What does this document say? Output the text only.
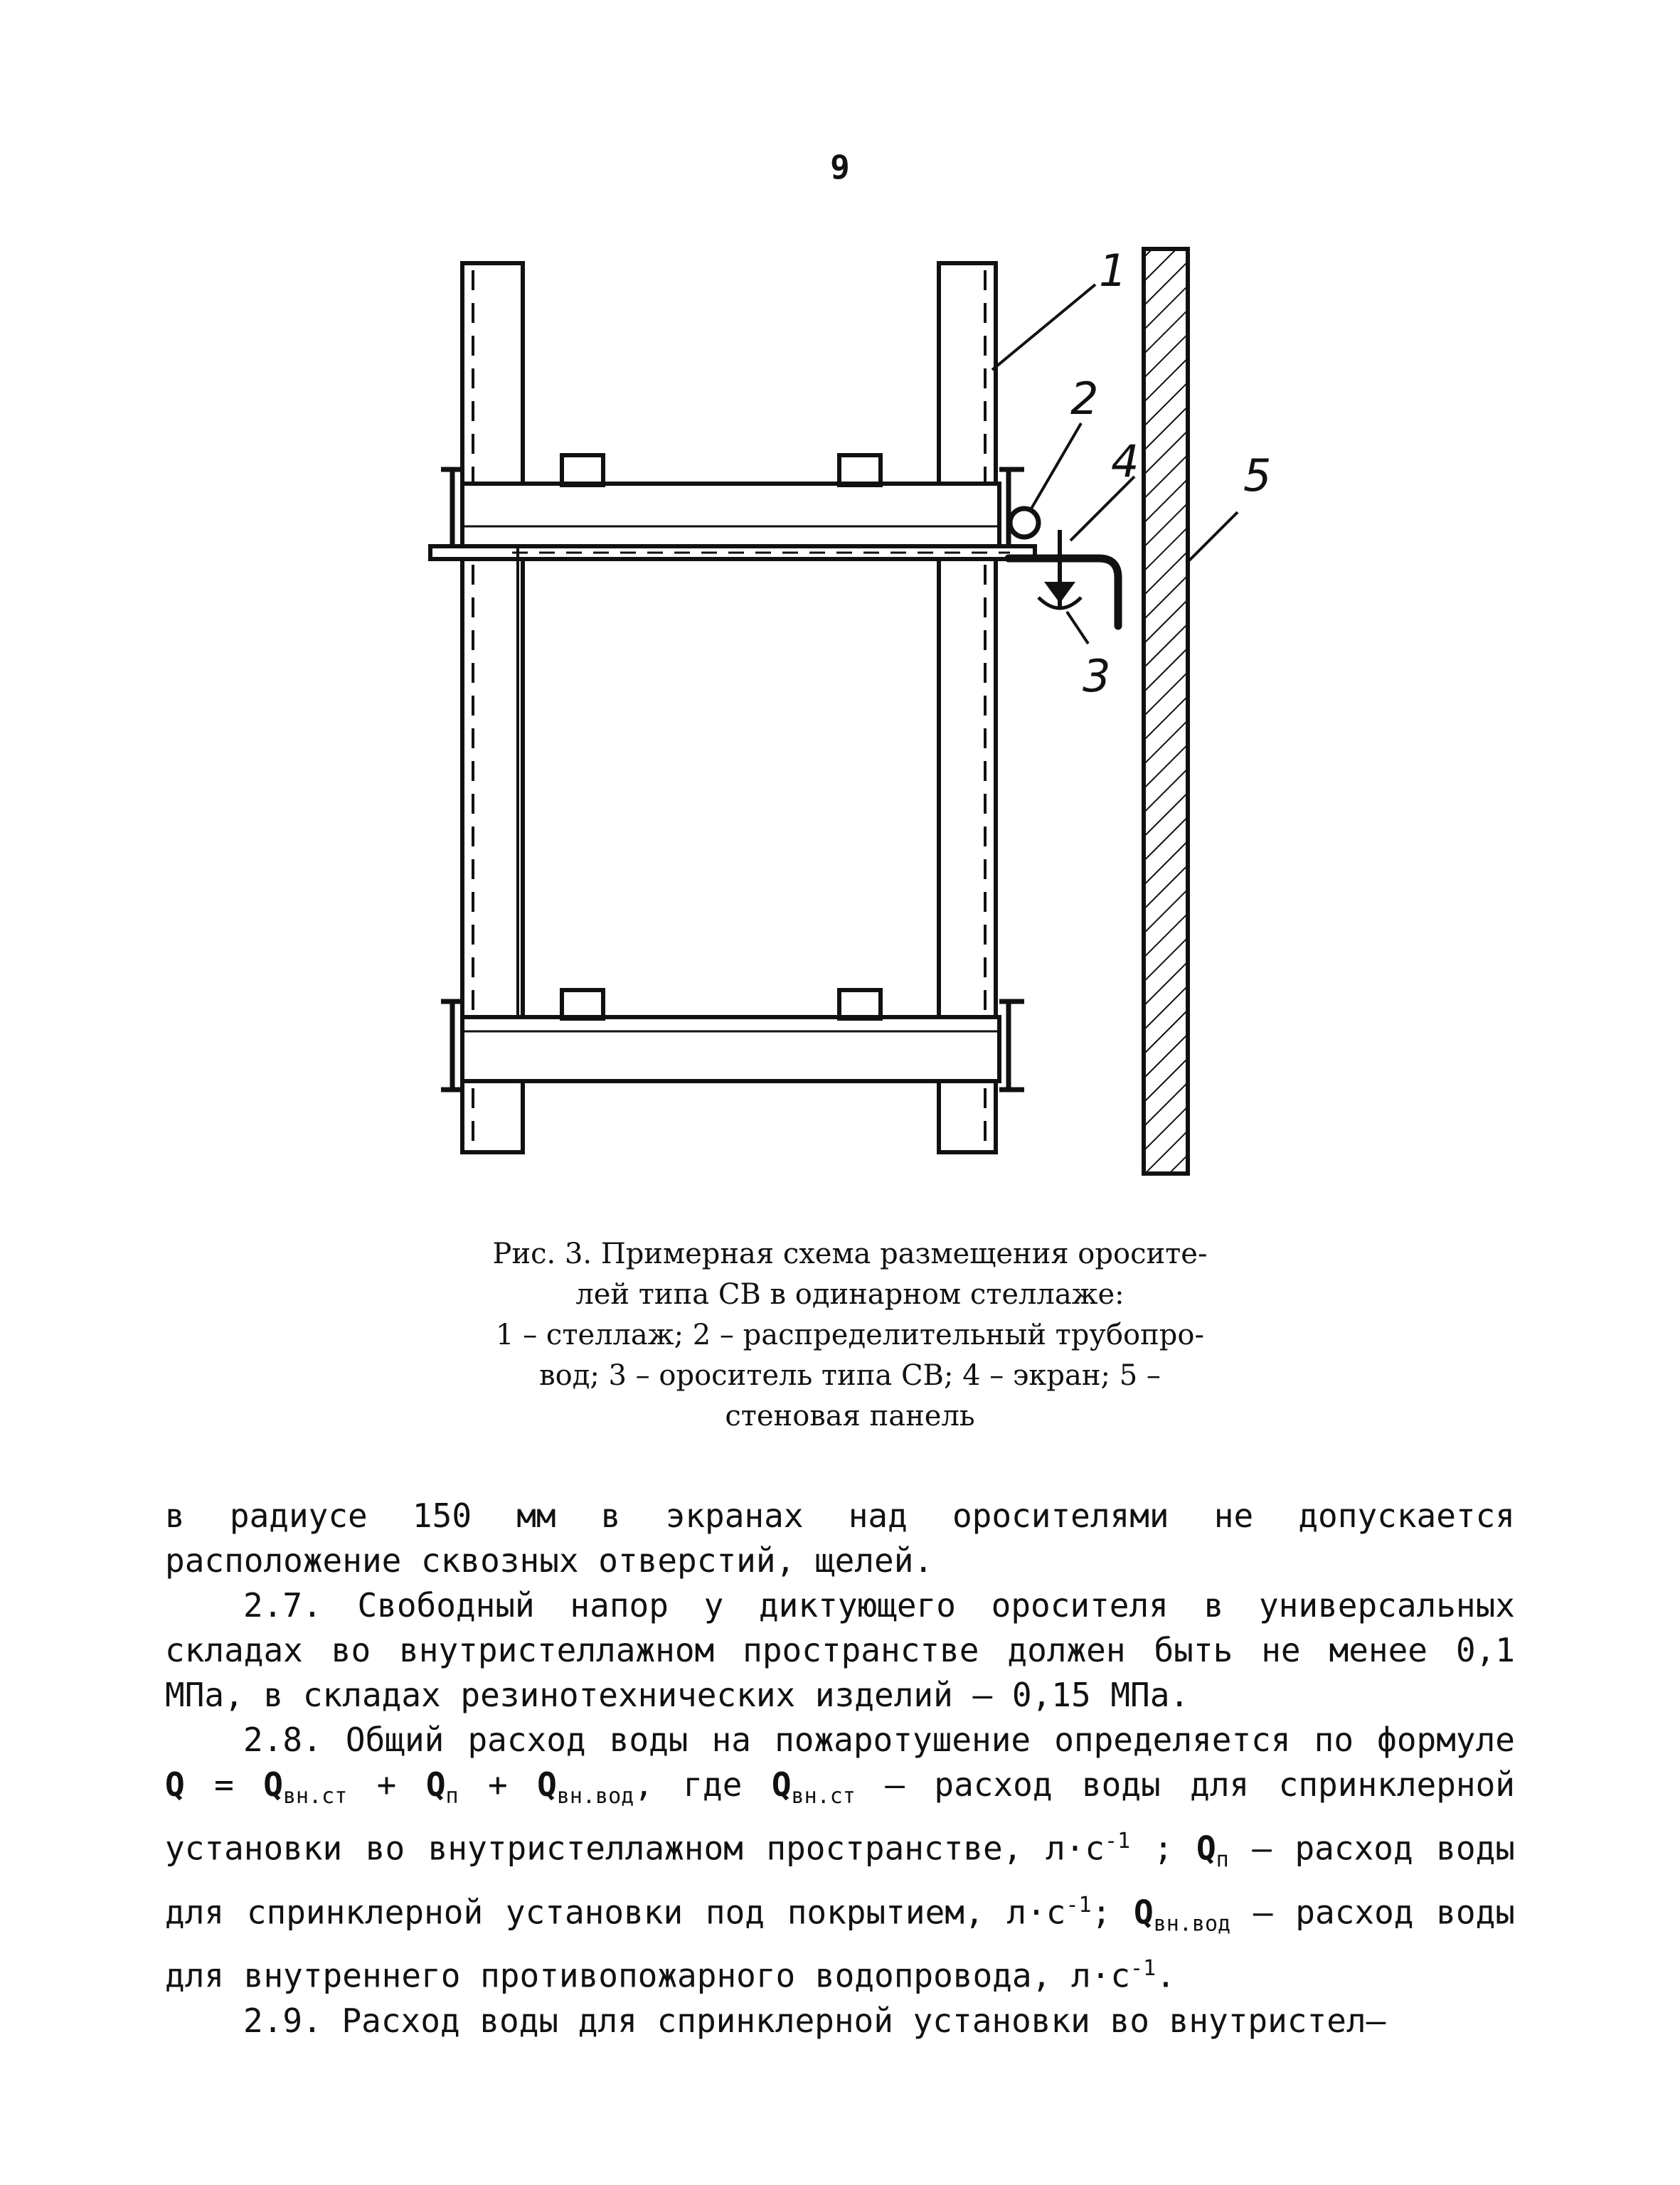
9
1
2
3
4 5
Рис. 3. Примерная схема размещения оросите-
лей типа СВ в одинарном стеллаже:
1 – стеллаж; 2 – распределительный трубопро-
вод; 3 – ороситель типа СВ; 4 – экран; 5 –
стеновая панель

в радиусе 150 мм в экранах над оросителями не допускается расположение сквозных отверстий, щелей.

2.7. Свободный напор у диктующего оросителя в универсальных складах во внутристеллажном пространстве должен быть не менее 0,1 МПа, в складах резинотехнических изделий – 0,15 МПа.

2.8. Общий расход воды на пожаротушение определяется по формуле $Q = Q_{вн.ст} + Q_п + Q_{вн.вод}$, где $Q_{вн.ст}$ – расход воды для спринклерной установки во внутристеллажном пространстве, $л\cdot с^{-1}$ ; $Q_п$ – расход воды для спринклерной установки под покрытием, $л\cdot с^{-1}$; $Q_{вн.вод}$ – расход воды для внутреннего противопожарного водопровода, $л\cdot с^{-1}$.

2.9. Расход воды для спринклерной установки во внутристел–
